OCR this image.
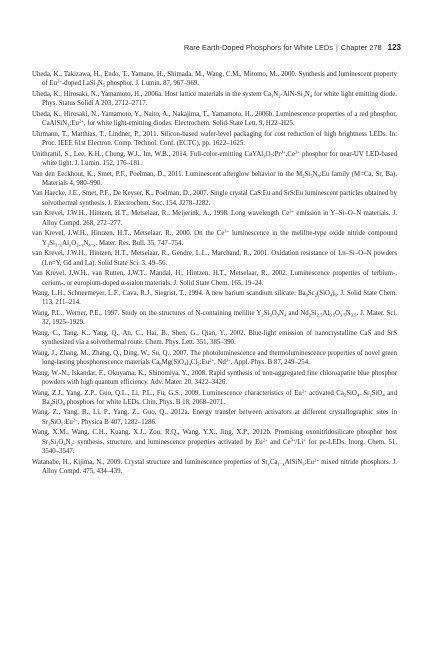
Rare Earth-Doped Phosphors for White LEDs | Chapter 278 123

Uheda, K., Takizawa, H., Endo, T., Yamane, H., Shimada, M., Wang, C.M., Mitomo, M., 2000. Synthesis and luminescent property of $Eu^{3+}$-doped $LaSi_3N_5$ phosphor. J. Lumin. 87, 967–969.

Uheda, K., Hirosaki, N., Yamamoto, H., 2006a. Host lattice materials in the system $Ca_3N_2-AlN-Si_3N_4$ for white light emitting diode. Phys. Status Solidi A 203, 2712–2717.

Uheda, K., Hirosaki, N., Yamamoto, Y., Naito, A., Nakajima, T., Yamamoto, H., 2006b. Luminescence properties of a red phosphor, $CaAlSiN_3:Eu^{2+}$, for white light-emitting diodes. Electrochem. Solid-State Lett. 9, H22–H25.

Uhrmann, T., Matthias, T., Lindner, P., 2011. Silicon-based wafer-level packaging for cost reduction of high brightness LEDs. In: Proc. IEEE 61st Electron. Comp. Technol. Conf. (ECTC), pp. 1622–1625.

Unithrattil, S., Lee, K.H., Chung, W.J., Im, W.B., 2014. Full-color-emitting $CaYAl_3O_7:Pr^{3+},Ce^{3+}$ phosphor for near-UV LED-based white light. J. Lumin. 152, 176–181.

Van den Eeckhout, K., Smet, P.F., Poelman, D., 2011. Luminescent afterglow behavior in the $M_2Si_5N_8:Eu$ family (M=Ca, Sr, Ba). Materials 4, 980–990.

Van Haecke, J.E., Smet, P.F., De Keyser, K., Poelman, D., 2007. Single crystal CaS:Eu and SrS:Eu luminescent particles obtained by solvothermal synthesis. J. Electrochem. Soc. 154, J278–J282.

van Krevel, J.W.H., Hintzen, H.T., Metselaar, R., Meijerink, A., 1998. Long wavelength $Ce^{3+}$ emission in Y–Si–O–N materials. J. Alloy Compd. 268, 272–277.

van Krevel, J.W.H., Hintzen, H.T., Metselaar, R., 2000. On the $Ce^{3+}$ luminescence in the melilite-type oxide nitride compound $Y_2Si_{3-x}Al_xO_{3+x}N_{4-x}$. Mater. Res. Bull. 35, 747–754.

van Krevel, J.W.H., Hintzen, H.T., Metselaar, R., Gendre, L.L., Marchand, R., 2001. Oxidation resistance of Ln–Si–O–N powders (Ln=Y, Gd and La). Solid State Sci. 3, 49–56.

Van Krevel, J.W.H., van Rutten, J.W.T., Mandal, H., Hintzen, H.T., Metselaar, R., 2002. Luminescence properties of terbium-, cerium-, or europium-doped α-sialon materials. J. Solid State Chem. 165, 19–24.

Wang, L.H., Schneemeyer, L.F., Cava, R.J., Siegrist, T., 1994. A new barium scandium silicate: $Ba_9Sc_2(SiO_4)_6$. J. Solid State Chem. 113, 211–214.

Wang, P.L., Werner, P.E., 1997. Study on the structures of N-containing melilite $Y_2Si_3O_3N_4$ and $Nd_2Si_{2.5}Al_{0.5}O_{3.5}N_{3.5}$. J. Mater. Sci. 32, 1925–1929.

Wang, C., Tang, K., Yang, Q., An, C., Hai, B., Shen, G., Qian, Y., 2002. Blue-light emission of nanocrystalline CaS and SrS synthesized via a solvothermal route. Chem. Phys. Lett. 351, 385–390.

Wang, J., Zhang, M., Zhang, Q., Ding, W., Su, Q., 2007. The photoluminescence and thermoluminescence properties of novel green long-lasting phosphorescence materials $Ca_8Mg(SiO_4)_4Cl_2:Eu^{2+}$, $Nd^{3+}$. Appl. Phys. B 87, 249–254.

Wang, W.-N., Iskandar, F., Okuyama, K., Shinomiya, Y., 2008. Rapid synthesis of non-aggregated fine chloroapatite blue phosphor powders with high quantum efficiency. Adv. Mater. 20, 3422–3426.

Wang, Z.J., Yang, Z.P., Guo, Q.L., Li, P.L., Fu, G.S., 2009. Luminescence characteristics of $Eu^{2+}$ activated $Ca_2SiO_4$, $Sr_2SiO_4$ and $Ba_2SiO_4$ phosphors for white LEDs. Chin. Phys. B 18, 2068–2071.

Wang, Z., Yang, B., Li, P., Yang, Z., Guo, Q., 2012a. Energy transfer between activators at different crystallographic sites in $Sr_3SiO_5:Eu^{2+}$. Physica B 407, 1282–1286.

Wang, X.M., Wang, C.H., Kuang, X.J., Zou, R.Q., Wang, Y.X., Jing, X.P., 2012b. Promising oxonitridosilicate phosphor host $Sr_3Si_2O_4N_2$: synthesis, structure, and luminescence properties activated by $Eu^{2+}$ and $Ce^{3+}/Li^+$ for pc-LEDs. Inorg. Chem. 51, 3540–3547.

Watanabe, H., Kijima, N., 2009. Crystal structure and luminescence properties of $Sr_xCa_{1-x}AlSiN_3:Eu^{2+}$ mixed nitride phosphors. J. Alloy Compd. 475, 434–439.
